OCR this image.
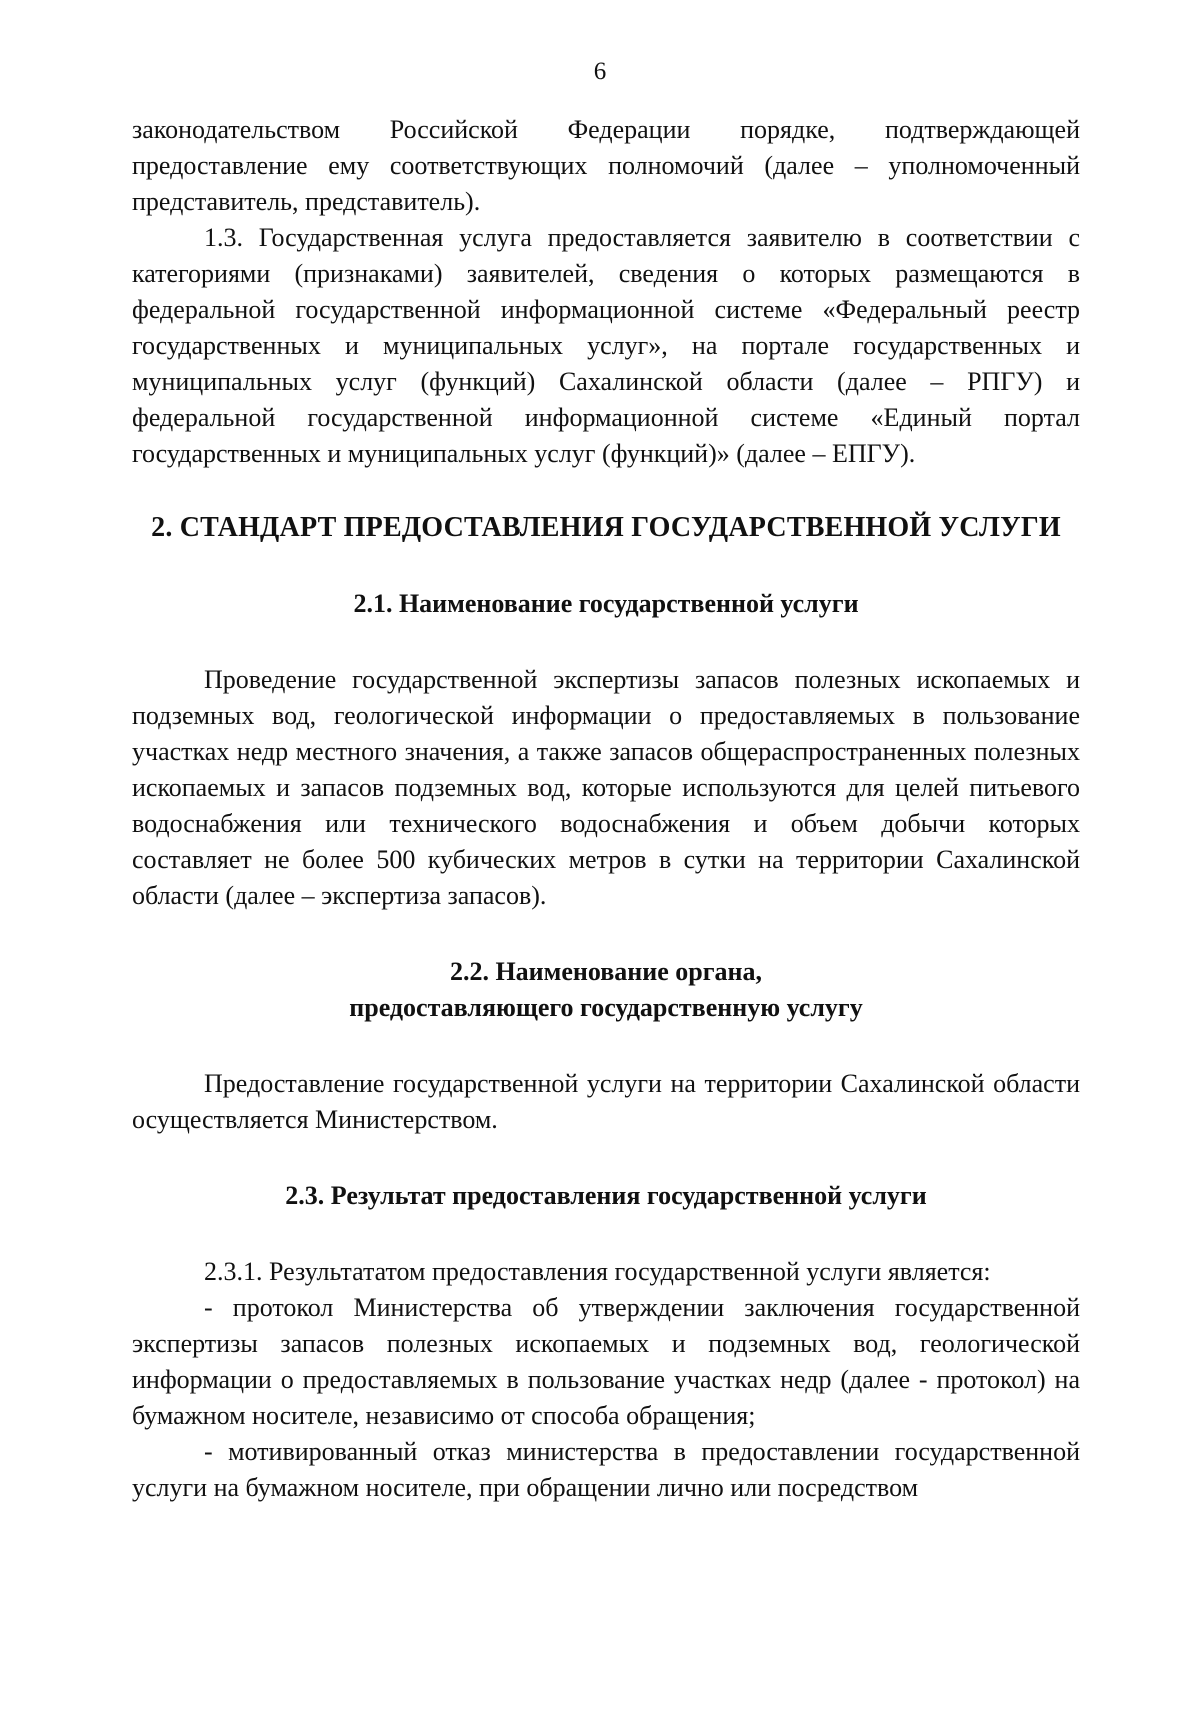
6

законодательством Российской Федерации порядке, подтверждающей предоставление ему соответствующих полномочий (далее – уполномоченный представитель, представитель).

1.3. Государственная услуга предоставляется заявителю в соответствии с категориями (признаками) заявителей, сведения о которых размещаются в федеральной государственной информационной системе «Федеральный реестр государственных и муниципальных услуг», на портале государственных и муниципальных услуг (функций) Сахалинской области (далее – РПГУ) и федеральной государственной информационной системе «Единый портал государственных и муниципальных услуг (функций)» (далее – ЕПГУ).

2. СТАНДАРТ ПРЕДОСТАВЛЕНИЯ ГОСУДАРСТВЕННОЙ УСЛУГИ
2.1. Наименование государственной услуги

Проведение государственной экспертизы запасов полезных ископаемых и подземных вод, геологической информации о предоставляемых в пользование участках недр местного значения, а также запасов общераспространенных полезных ископаемых и запасов подземных вод, которые используются для целей питьевого водоснабжения или технического водоснабжения и объем добычи которых составляет не более 500 кубических метров в сутки на территории Сахалинской области (далее – экспертиза запасов).

2.2. Наименование органа,
предоставляющего государственную услугу

Предоставление государственной услуги на территории Сахалинской области осуществляется Министерством.

2.3. Результат предоставления государственной услуги

2.3.1. Результататом предоставления государственной услуги является:

- протокол Министерства об утверждении заключения государственной экспертизы запасов полезных ископаемых и подземных вод, геологической информации о предоставляемых в пользование участках недр (далее - протокол) на бумажном носителе, независимо от способа обращения;

- мотивированный отказ министерства в предоставлении государственной услуги на бумажном носителе, при обращении лично или посредством
